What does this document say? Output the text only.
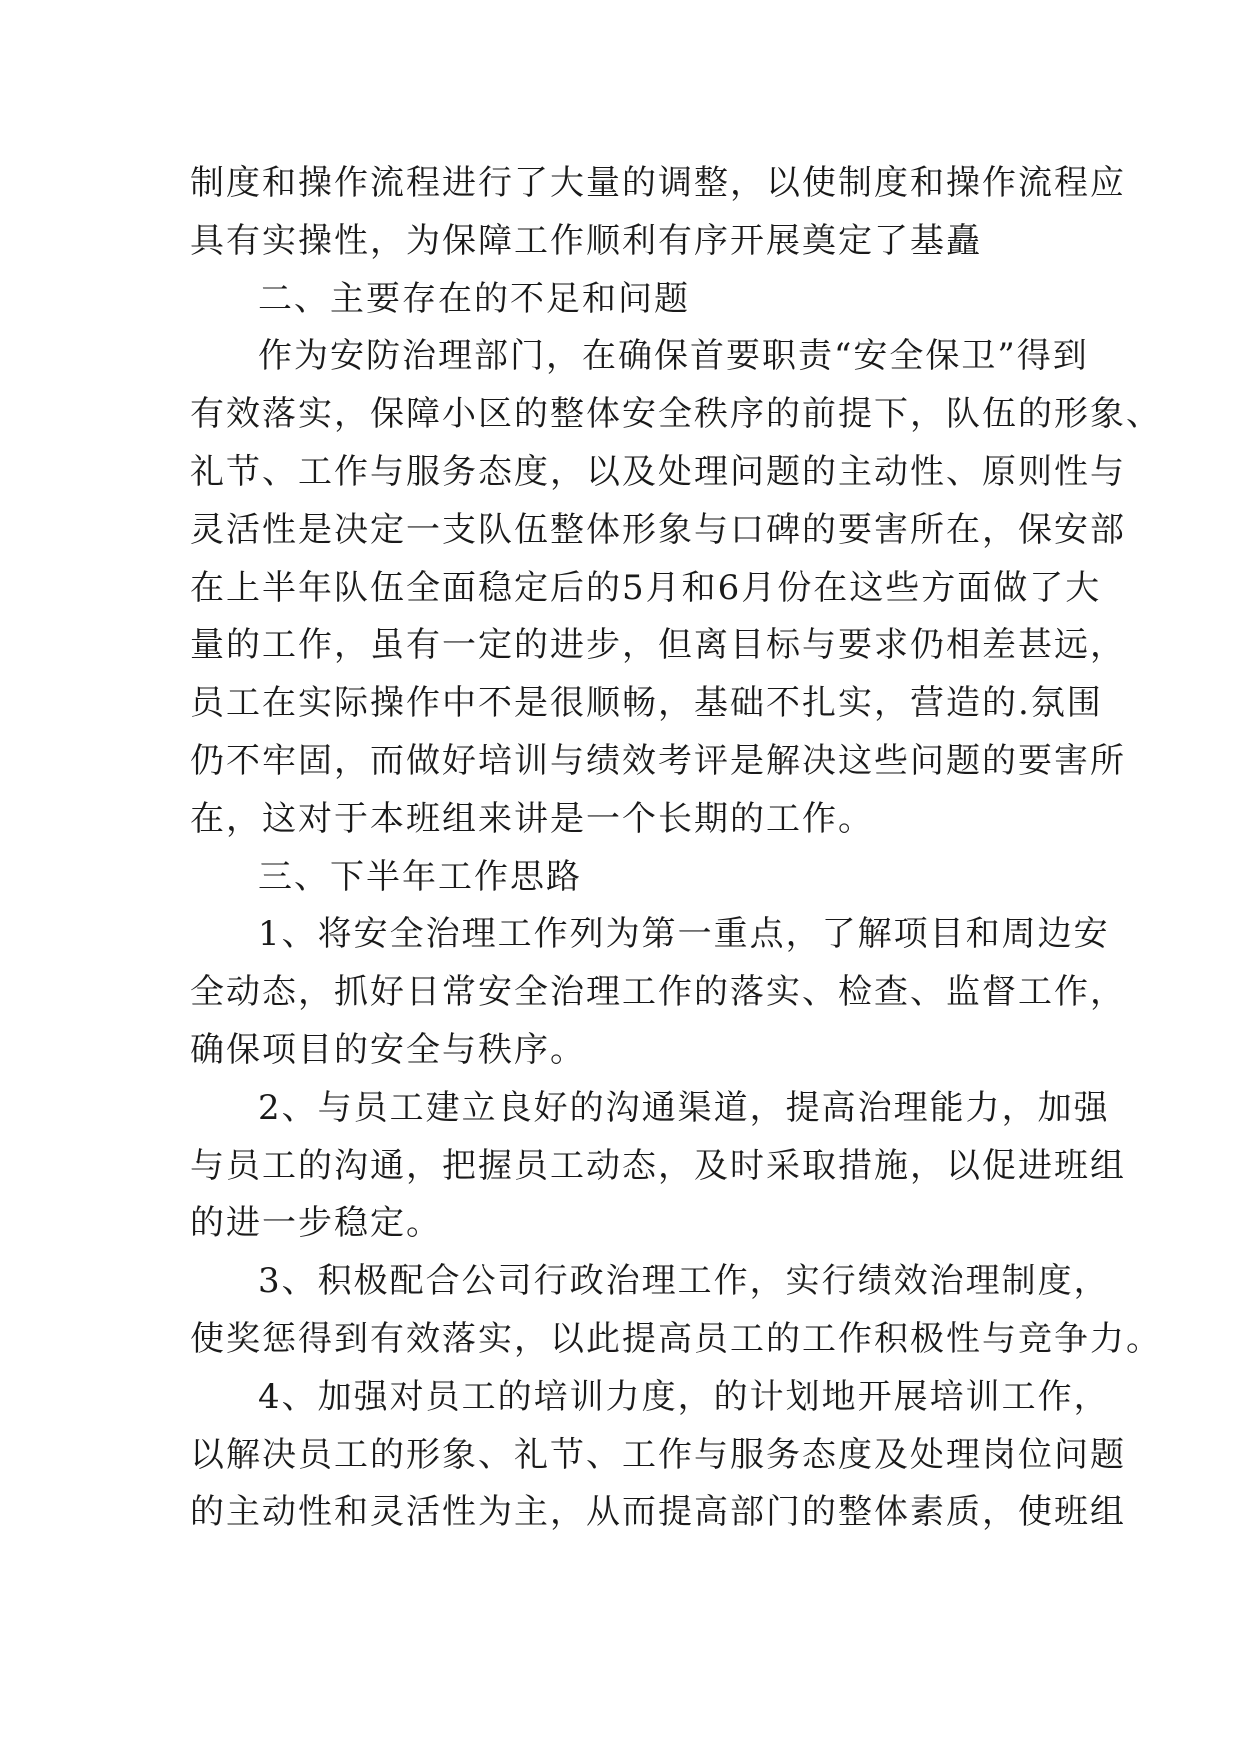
制度和操作流程进行了大量的调整，以使制度和操作流程应
具有实操性，为保障工作顺利有序开展奠定了基矗
二、主要存在的不足和问题
作为安防治理部门，在确保首要职责“安全保卫”得到
有效落实，保障小区的整体安全秩序的前提下，队伍的形象、
礼节、工作与服务态度，以及处理问题的主动性、原则性与
灵活性是决定一支队伍整体形象与口碑的要害所在，保安部
在上半年队伍全面稳定后的5月和6月份在这些方面做了大
量的工作，虽有一定的进步，但离目标与要求仍相差甚远，
员工在实际操作中不是很顺畅，基础不扎实，营造的.氛围
仍不牢固，而做好培训与绩效考评是解决这些问题的要害所
在，这对于本班组来讲是一个长期的工作。
三、下半年工作思路
1、将安全治理工作列为第一重点，了解项目和周边安
全动态，抓好日常安全治理工作的落实、检查、监督工作，
确保项目的安全与秩序。
2、与员工建立良好的沟通渠道，提高治理能力，加强
与员工的沟通，把握员工动态，及时采取措施，以促进班组
的进一步稳定。
3、积极配合公司行政治理工作，实行绩效治理制度，
使奖惩得到有效落实，以此提高员工的工作积极性与竞争力。
4、加强对员工的培训力度，的计划地开展培训工作，
以解决员工的形象、礼节、工作与服务态度及处理岗位问题
的主动性和灵活性为主，从而提高部门的整体素质，使班组
